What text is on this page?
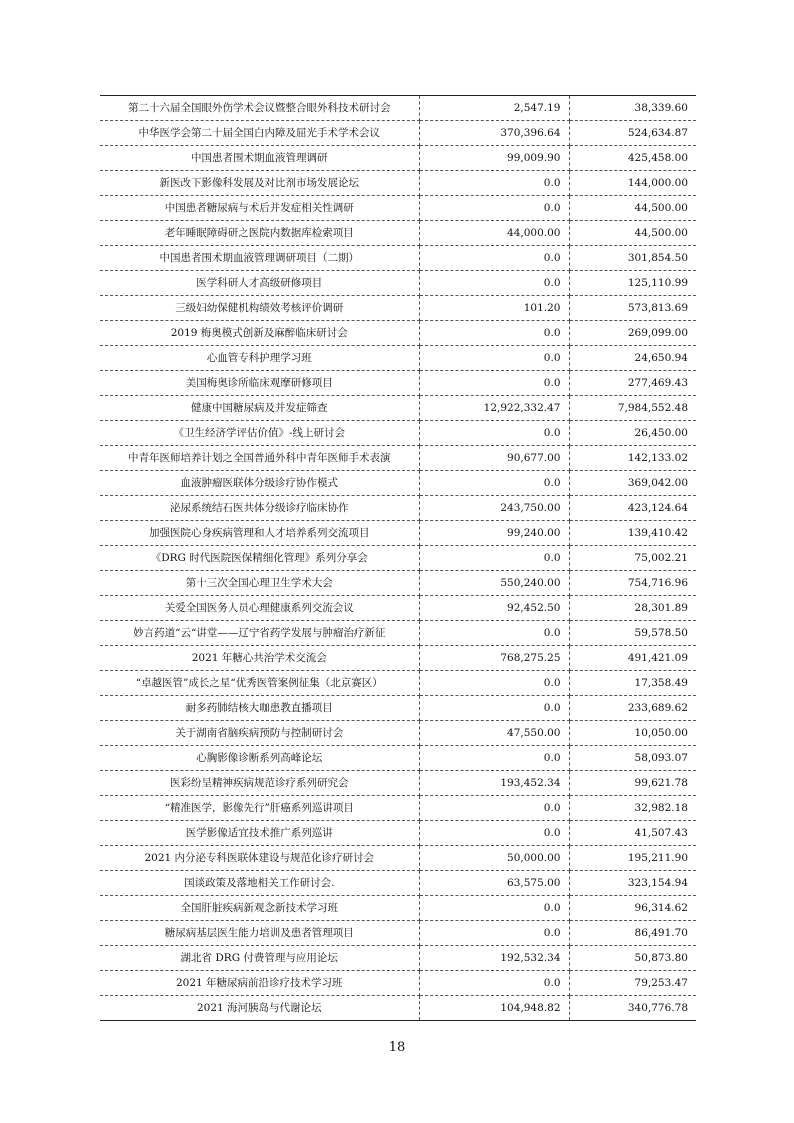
第二十六届全国眼外伤学术会议暨整合眼外科技术研讨会	2,547.19	38,339.60
中华医学会第二十届全国白内障及屈光手术学术会议	370,396.64	524,634.87
中国患者围术期血液管理调研	99,009.90	425,458.00
新医改下影像科发展及对比剂市场发展论坛	0.0	144,000.00
中国患者糖尿病与术后并发症相关性调研	0.0	44,500.00
老年睡眠障碍研之医院内数据库检索项目	44,000.00	44,500.00
中国患者围术期血液管理调研项目（二期）	0.0	301,854.50
医学科研人才高级研修项目	0.0	125,110.99
三级妇幼保健机构绩效考核评价调研	101.20	573,813.69
2019 梅奥模式创新及麻醉临床研讨会	0.0	269,099.00
心血管专科护理学习班	0.0	24,650.94
美国梅奥诊所临床观摩研修项目	0.0	277,469.43
健康中国糖尿病及并发症筛查	12,922,332.47	7,984,552.48
《卫生经济学评估价值》-线上研讨会	0.0	26,450.00
中青年医师培养计划之全国普通外科中青年医师手术表演	90,677.00	142,133.02
血液肿瘤医联体分级诊疗协作模式	0.0	369,042.00
泌尿系统结石医共体分级诊疗临床协作	243,750.00	423,124.64
加强医院心身疾病管理和人才培养系列交流项目	99,240.00	139,410.42
《DRG 时代医院医保精细化管理》系列分享会	0.0	75,002.21
第十三次全国心理卫生学术大会	550,240.00	754,716.96
关爱全国医务人员心理健康系列交流会议	92,452.50	28,301.89
妙言药道“云“讲堂——辽宁省药学发展与肿瘤治疗新征	0.0	59,578.50
2021 年糖心共治学术交流会	768,275.25	491,421.09
“卓越医管”成长之星“优秀医管案例征集（北京赛区）	0.0	17,358.49
耐多药肺结核大咖患教直播项目	0.0	233,689.62
关于湖南省脑疾病预防与控制研讨会	47,550.00	10,050.00
心胸影像诊断系列高峰论坛	0.0	58,093.07
医彩纷呈精神疾病规范诊疗系列研究会	193,452.34	99,621.78
“精准医学，影像先行”肝癌系列巡讲项目	0.0	32,982.18
医学影像适宜技术推广系列巡讲	0.0	41,507.43
2021 内分泌专科医联体建设与规范化诊疗研讨会	50,000.00	195,211.90
国谈政策及落地相关工作研讨会.	63,575.00	323,154.94
全国肝脏疾病新观念新技术学习班	0.0	96,314.62
糖尿病基层医生能力培训及患者管理项目	0.0	86,491.70
湖北省 DRG 付费管理与应用论坛	192,532.34	50,873.80
2021 年糖尿病前沿诊疗技术学习班	0.0	79,253.47
2021 海河胰岛与代谢论坛	104,948.82	340,776.78
18
